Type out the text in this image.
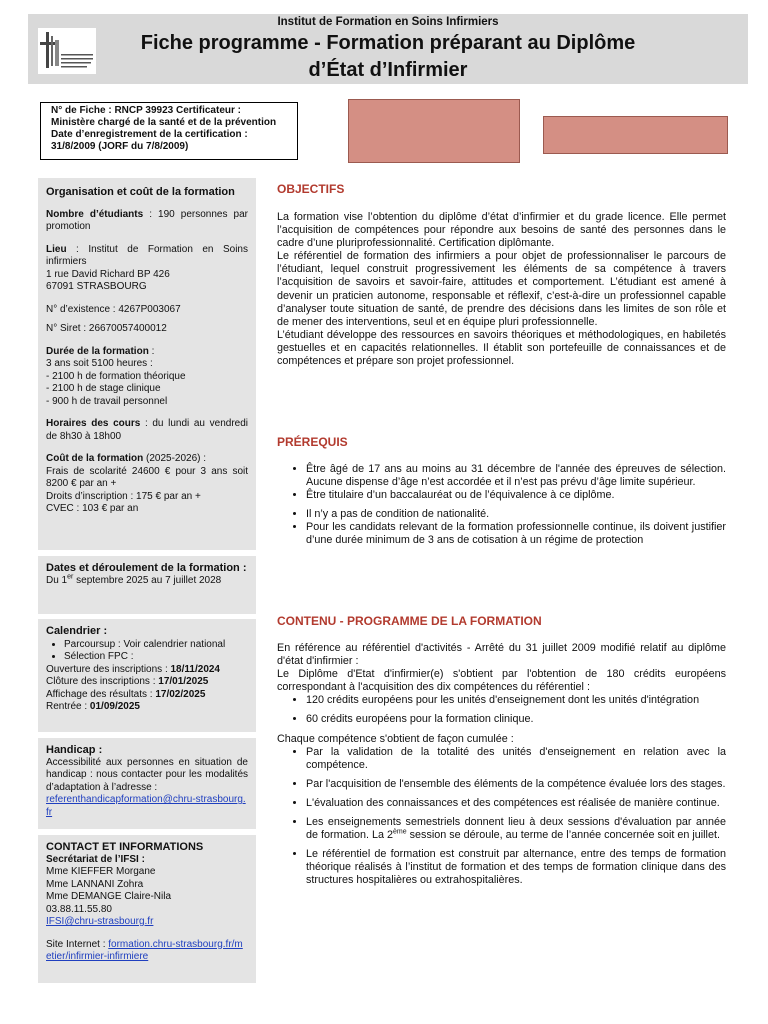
Institut de Formation en Soins Infirmiers
Fiche programme - Formation préparant au Diplôme
d’État d’Infirmier
N° de Fiche : RNCP 39923 Certificateur :
Ministère chargé de la santé et de la prévention
Date d’enregistrement de la certification :
31/8/2009 (JORF du 7/8/2009)
Organisation et coût de la formation
Nombre d’étudiants : 190 personnes par promotion
Lieu : Institut de Formation en Soins infirmiers
1 rue David Richard BP 426
67091 STRASBOURG
N° d’existence : 4267P003067
N° Siret : 26670057400012
Durée de la formation :
3 ans soit 5100 heures :
- 2100 h de formation théorique
- 2100 h de stage clinique
- 900 h de travail personnel
Horaires des cours : du lundi au vendredi de 8h30 à 18h00
Coût de la formation (2025-2026) :
Frais de scolarité 24600 € pour 3 ans soit 8200 € par an +
Droits d’inscription : 175 € par an +
CVEC : 103 € par an
Dates et déroulement de la formation :
Du 1er septembre 2025 au 7 juillet 2028
Calendrier :
• Parcoursup : Voir calendrier national
• Sélection FPC :
Ouverture des inscriptions : 18/11/2024
Clôture des inscriptions : 17/01/2025
Affichage des résultats : 17/02/2025
Rentrée : 01/09/2025
Handicap :
Accessibilité aux personnes en situation de handicap : nous contacter pour les modalités d’adaptation à l’adresse :
referenthandicapformation@chru-strasbourg.fr
CONTACT ET INFORMATIONS
Secrétariat de l’IFSI :
Mme KIEFFER Morgane
Mme LANNANI Zohra
Mme DEMANGE Claire-Nila
03.88.11.55.80
IFSI@chru-strasbourg.fr
Site Internet : formation.chru-strasbourg.fr/metier/infirmier-infirmiere
OBJECTIFS

La formation vise l’obtention du diplôme d’état d’infirmier et du grade licence. Elle permet l’acquisition de compétences pour répondre aux besoins de santé des personnes dans le cadre d’une pluriprofessionnalité. Certification diplômante.

Le référentiel de formation des infirmiers a pour objet de professionnaliser le parcours de l’étudiant, lequel construit progressivement les éléments de sa compétence à travers l’acquisition de savoirs et savoir-faire, attitudes et comportement. L’étudiant est amené à devenir un praticien autonome, responsable et réflexif, c’est-à-dire un professionnel capable d’analyser toute situation de santé, de prendre des décisions dans les limites de son rôle et de mener des interventions, seul et en équipe pluri professionnelle.

L’étudiant développe des ressources en savoirs théoriques et méthodologiques, en habiletés gestuelles et en capacités relationnelles. Il établit son portefeuille de connaissances et de compétences et prépare son projet professionnel.

PRÉREQUIS
• Être âgé de 17 ans au moins au 31 décembre de l'année des épreuves de sélection. Aucune dispense d’âge n’est accordée et il n’est pas prévu d’âge limite supérieur.
• Être titulaire d’un baccalauréat ou de l’équivalence à ce diplôme.
• Il n’y a pas de condition de nationalité.
• Pour les candidats relevant de la formation professionnelle continue, ils doivent justifier d’une durée minimum de 3 ans de cotisation à un régime de protection
CONTENU - PROGRAMME DE LA FORMATION

En référence au référentiel d'activités - Arrêté du 31 juillet 2009 modifié relatif au diplôme d'état d'infirmier :

Le Diplôme d'Etat d'infirmier(e) s'obtient par l'obtention de 180 crédits européens correspondant à l'acquisition des dix compétences du référentiel :

• 120 crédits européens pour les unités d'enseignement dont les unités d'intégration
• 60 crédits européens pour la formation clinique.

Chaque compétence s'obtient de façon cumulée :

• Par la validation de la totalité des unités d'enseignement en relation avec la compétence.
• Par l'acquisition de l'ensemble des éléments de la compétence évaluée lors des stages.
• L'évaluation des connaissances et des compétences est réalisée de manière continue.
• Les enseignements semestriels donnent lieu à deux sessions d'évaluation par année de formation. La 2ème session se déroule, au terme de l’année concernée soit en juillet.
• Le référentiel de formation est construit par alternance, entre des temps de formation théorique réalisés à l’institut de formation et des temps de formation clinique dans des structures hospitalières ou extrahospitalières.
